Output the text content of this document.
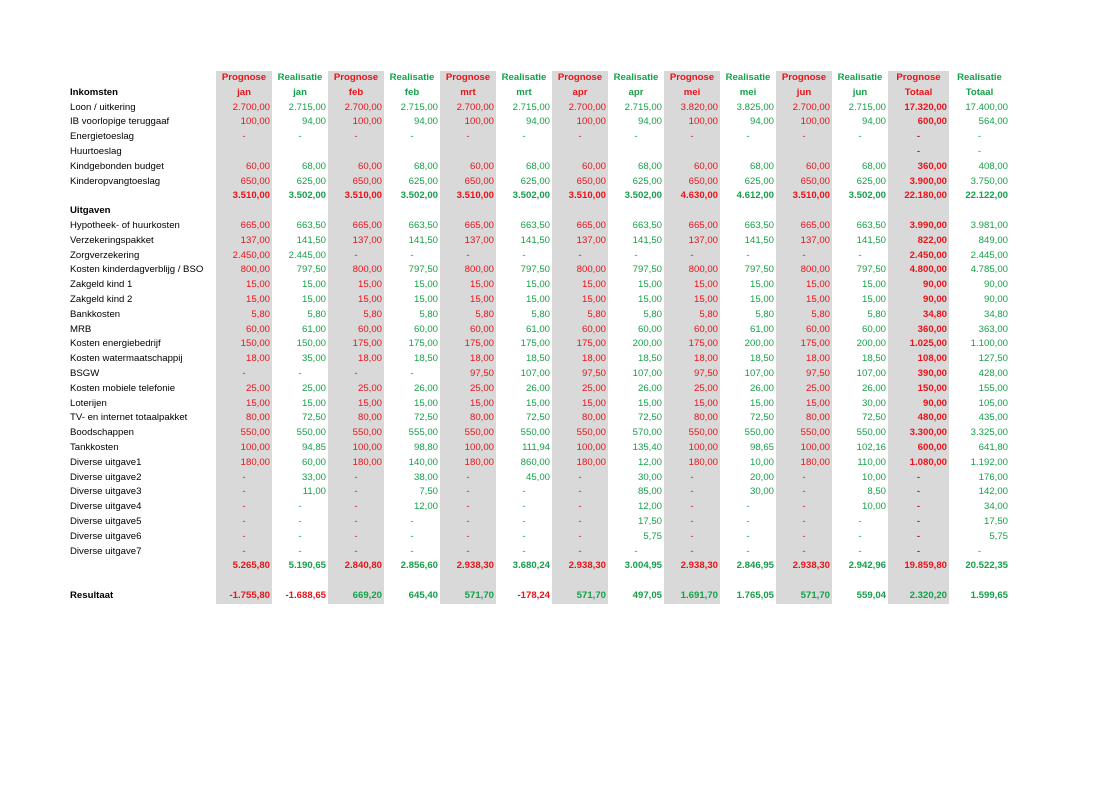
	Prognose	Realisatie	Prognose	Realisatie	Prognose	Realisatie	Prognose	Realisatie	Prognose	Realisatie	Prognose	Realisatie	Prognose	Realisatie
Inkomsten	jan	jan	feb	feb	mrt	mrt	apr	apr	mei	mei	jun	jun	Totaal	Totaal
Loon / uitkering	2.700,00	2.715,00	2.700,00	2.715,00	2.700,00	2.715,00	2.700,00	2.715,00	3.820,00	3.825,00	2.700,00	2.715,00	17.320,00	17.400,00
IB voorlopige teruggaaf	100,00	94,00	100,00	94,00	100,00	94,00	100,00	94,00	100,00	94,00	100,00	94,00	600,00	564,00
Energietoeslag	-	-	-	-	-	-	-	-	-	-	-	-	-	-
Huurtoeslag													-	-
Kindgebonden budget	60,00	68,00	60,00	68,00	60,00	68,00	60,00	68,00	60,00	68,00	60,00	68,00	360,00	408,00
Kinderopvangtoeslag	650,00	625,00	650,00	625,00	650,00	625,00	650,00	625,00	650,00	625,00	650,00	625,00	3.900,00	3.750,00
	3.510,00	3.502,00	3.510,00	3.502,00	3.510,00	3.502,00	3.510,00	3.502,00	4.630,00	4.612,00	3.510,00	3.502,00	22.180,00	22.122,00
Uitgaven														
Hypotheek- of huurkosten	665,00	663,50	665,00	663,50	665,00	663,50	665,00	663,50	665,00	663,50	665,00	663,50	3.990,00	3.981,00
Verzekeringspakket	137,00	141,50	137,00	141,50	137,00	141,50	137,00	141,50	137,00	141,50	137,00	141,50	822,00	849,00
Zorgverzekering	2.450,00	2.445,00	-	-	-	-	-	-	-	-	-	-	2.450,00	2.445,00
Kosten kinderdagverblijg / BSO	800,00	797,50	800,00	797,50	800,00	797,50	800,00	797,50	800,00	797,50	800,00	797,50	4.800,00	4.785,00
Zakgeld kind 1	15,00	15,00	15,00	15,00	15,00	15,00	15,00	15,00	15,00	15,00	15,00	15,00	90,00	90,00
Zakgeld kind 2	15,00	15,00	15,00	15,00	15,00	15,00	15,00	15,00	15,00	15,00	15,00	15,00	90,00	90,00
Bankkosten	5,80	5,80	5,80	5,80	5,80	5,80	5,80	5,80	5,80	5,80	5,80	5,80	34,80	34,80
MRB	60,00	61,00	60,00	60,00	60,00	61,00	60,00	60,00	60,00	61,00	60,00	60,00	360,00	363,00
Kosten energiebedrijf	150,00	150,00	175,00	175,00	175,00	175,00	175,00	200,00	175,00	200,00	175,00	200,00	1.025,00	1.100,00
Kosten watermaatschappij	18,00	35,00	18,00	18,50	18,00	18,50	18,00	18,50	18,00	18,50	18,00	18,50	108,00	127,50
BSGW	-	-	-	-	97,50	107,00	97,50	107,00	97,50	107,00	97,50	107,00	390,00	428,00
Kosten mobiele telefonie	25,00	25,00	25,00	26,00	25,00	26,00	25,00	26,00	25,00	26,00	25,00	26,00	150,00	155,00
Loterijen	15,00	15,00	15,00	15,00	15,00	15,00	15,00	15,00	15,00	15,00	15,00	30,00	90,00	105,00
TV- en internet totaalpakket	80,00	72,50	80,00	72,50	80,00	72,50	80,00	72,50	80,00	72,50	80,00	72,50	480,00	435,00
Boodschappen	550,00	550,00	550,00	555,00	550,00	550,00	550,00	570,00	550,00	550,00	550,00	550,00	3.300,00	3.325,00
Tankkosten	100,00	94,85	100,00	98,80	100,00	111,94	100,00	135,40	100,00	98,65	100,00	102,16	600,00	641,80
Diverse uitgave1	180,00	60,00	180,00	140,00	180,00	860,00	180,00	12,00	180,00	10,00	180,00	110,00	1.080,00	1.192,00
Diverse uitgave2	-	33,00	-	38,00	-	45,00	-	30,00	-	20,00	-	10,00	-	176,00
Diverse uitgave3	-	11,00	-	7,50	-	-	-	85,00	-	30,00	-	8,50	-	142,00
Diverse uitgave4	-	-	-	12,00	-	-	-	12,00	-	-	-	10,00	-	34,00
Diverse uitgave5	-	-	-	-	-	-	-	17,50	-	-	-	-	-	17,50
Diverse uitgave6	-	-	-	-	-	-	-	5,75	-	-	-	-	-	5,75
Diverse uitgave7	-	-	-	-	-	-	-	-	-	-	-	-	-	-
	5.265,80	5.190,65	2.840,80	2.856,60	2.938,30	3.680,24	2.938,30	3.004,95	2.938,30	2.846,95	2.938,30	2.942,96	19.859,80	20.522,35

Resultaat	-1.755,80	-1.688,65	669,20	645,40	571,70	-178,24	571,70	497,05	1.691,70	1.765,05	571,70	559,04	2.320,20	1.599,65
